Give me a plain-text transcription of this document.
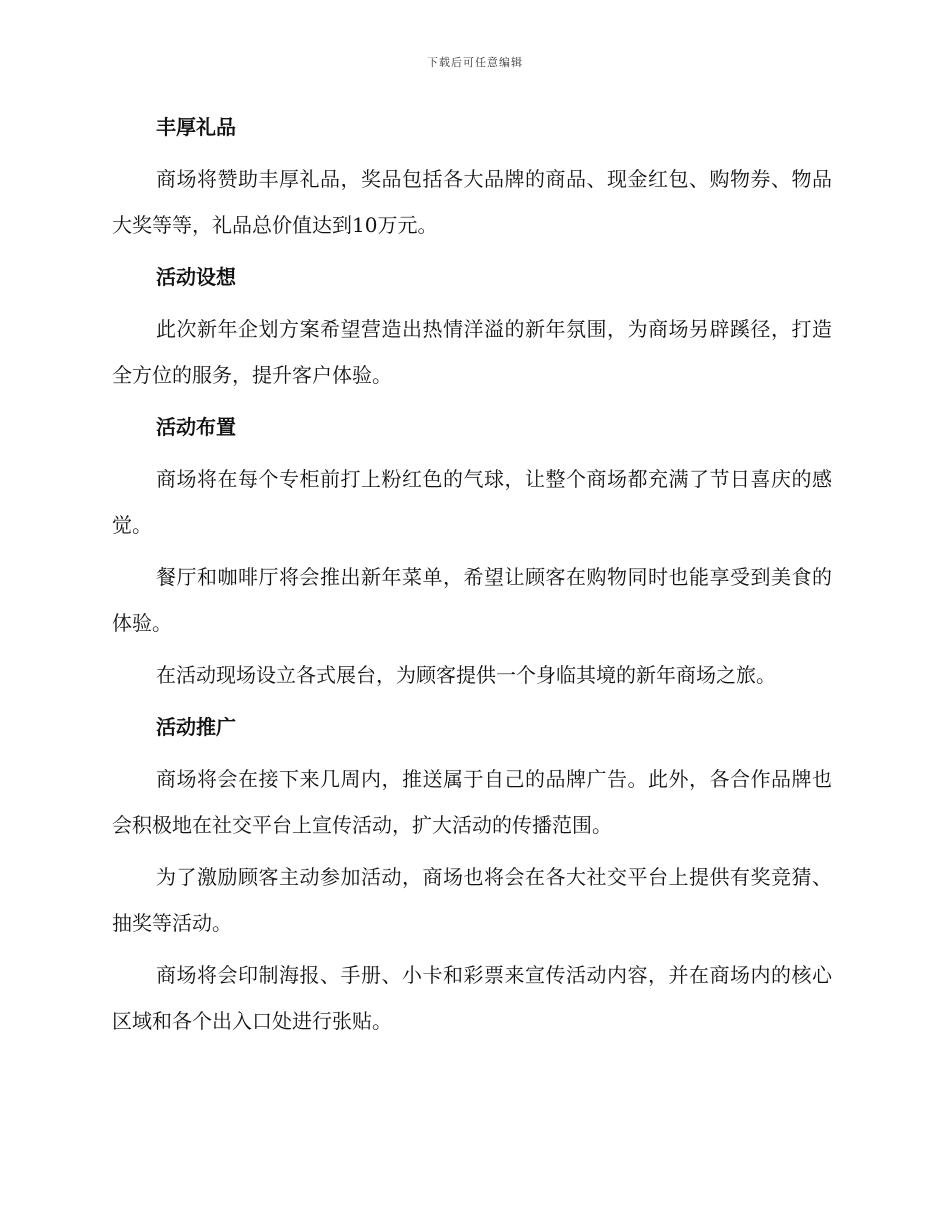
下载后可任意编辑
丰厚礼品

商场将赞助丰厚礼品，奖品包括各大品牌的商品、现金红包、购物券、物品大奖等等，礼品总价值达到10万元。

活动设想

此次新年企划方案希望营造出热情洋溢的新年氛围，为商场另辟蹊径，打造全方位的服务，提升客户体验。

活动布置

商场将在每个专柜前打上粉红色的气球，让整个商场都充满了节日喜庆的感觉。

餐厅和咖啡厅将会推出新年菜单，希望让顾客在购物同时也能享受到美食的体验。

在活动现场设立各式展台，为顾客提供一个身临其境的新年商场之旅。

活动推广

商场将会在接下来几周内，推送属于自己的品牌广告。此外，各合作品牌也会积极地在社交平台上宣传活动，扩大活动的传播范围。

为了激励顾客主动参加活动，商场也将会在各大社交平台上提供有奖竞猜、抽奖等活动。

商场将会印制海报、手册、小卡和彩票来宣传活动内容，并在商场内的核心区域和各个出入口处进行张贴。
